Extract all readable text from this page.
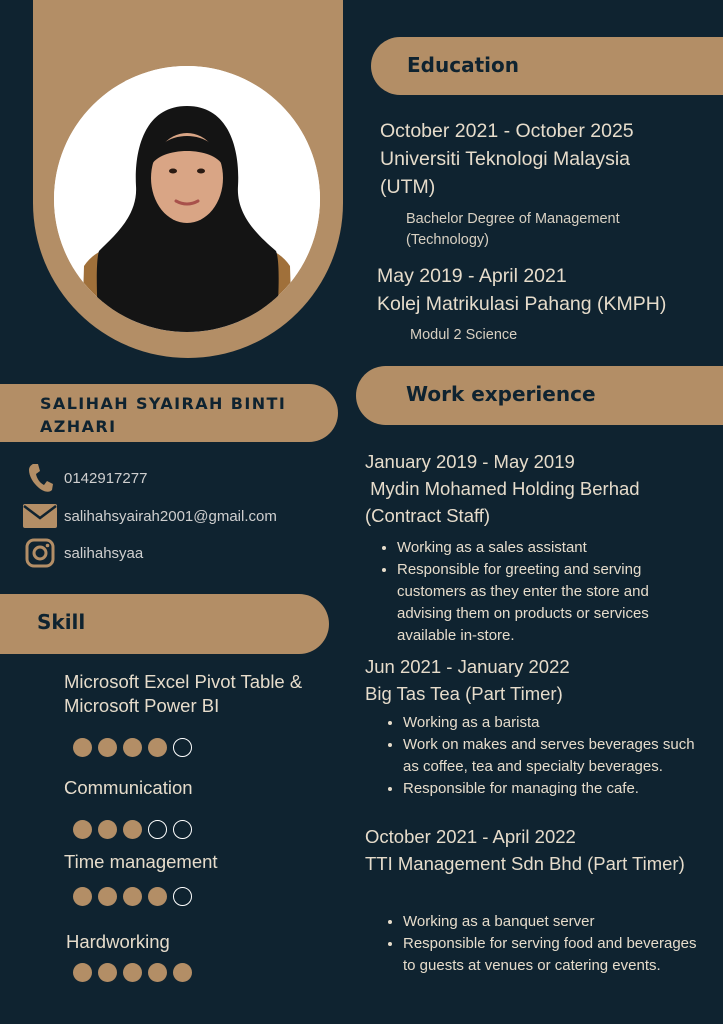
SALIHAH SYAIRAH BINTI AZHARI
0142917277
salihahsyairah2001@gmail.com
salihahsyaa
Skill
Microsoft Excel Pivot Table & Microsoft Power BI
Communication
Time management
Hardworking
Education
October 2021 - October 2025
Universiti Teknologi Malaysia
(UTM)
Bachelor Degree of Management (Technology)
May 2019 - April 2021
Kolej Matrikulasi Pahang (KMPH)
Modul 2 Science
Work experience
January 2019 - May 2019
Mydin Mohamed Holding Berhad
(Contract Staff)
• Working as a sales assistant
• Responsible for greeting and serving customers as they enter the store and advising them on products or services available in-store.
Jun 2021 - January 2022
Big Tas Tea (Part Timer)
• Working as a barista
• Work on makes and serves beverages such as coffee, tea and specialty beverages.
• Responsible for managing the cafe.
October 2021 - April 2022
TTI Management Sdn Bhd (Part Timer)
• Working as a banquet server
• Responsible for serving food and beverages to guests at venues or catering events.
